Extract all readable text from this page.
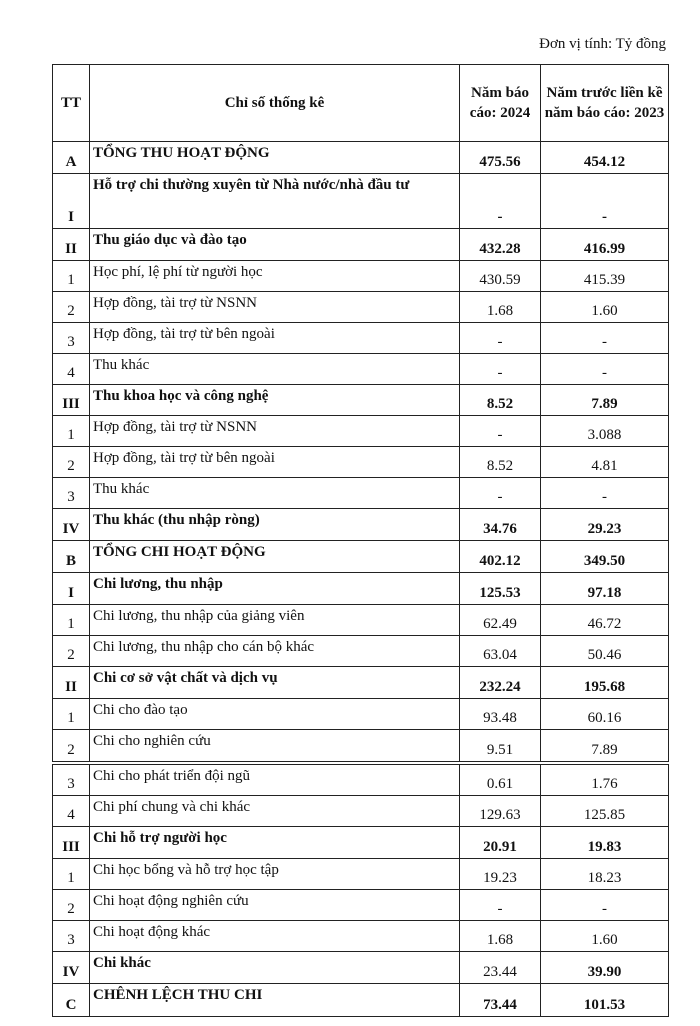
Đơn vị tính: Tỷ đồng
TT	Chỉ số thống kê	Năm báo cáo: 2024	Năm trước liền kề năm báo cáo: 2023
A	TỔNG THU HOẠT ĐỘNG	475.56	454.12
I	Hỗ trợ chi thường xuyên từ Nhà nước/nhà đầu tư	-	-
II	Thu giáo dục và đào tạo	432.28	416.99
1	Học phí, lệ phí từ người học	430.59	415.39
2	Hợp đồng, tài trợ từ NSNN	1.68	1.60
3	Hợp đồng, tài trợ từ bên ngoài	-	-
4	Thu khác	-	-
III	Thu khoa học và công nghệ	8.52	7.89
1	Hợp đồng, tài trợ từ NSNN	-	3.088
2	Hợp đồng, tài trợ từ bên ngoài	8.52	4.81
3	Thu khác	-	-
IV	Thu khác (thu nhập ròng)	34.76	29.23
B	TỔNG CHI HOẠT ĐỘNG	402.12	349.50
I	Chi lương, thu nhập	125.53	97.18
1	Chi lương, thu nhập của giảng viên	62.49	46.72
2	Chi lương, thu nhập cho cán bộ khác	63.04	50.46
II	Chi cơ sở vật chất và dịch vụ	232.24	195.68
1	Chi cho đào tạo	93.48	60.16
2	Chi cho nghiên cứu	9.51	7.89
3	Chi cho phát triển đội ngũ	0.61	1.76
4	Chi phí chung và chi khác	129.63	125.85
III	Chi hỗ trợ người học	20.91	19.83
1	Chi học bổng và hỗ trợ học tập	19.23	18.23
2	Chi hoạt động nghiên cứu	-	-
3	Chi hoạt động khác	1.68	1.60
IV	Chi khác	23.44	39.90
C	CHÊNH LỆCH THU CHI	73.44	101.53
